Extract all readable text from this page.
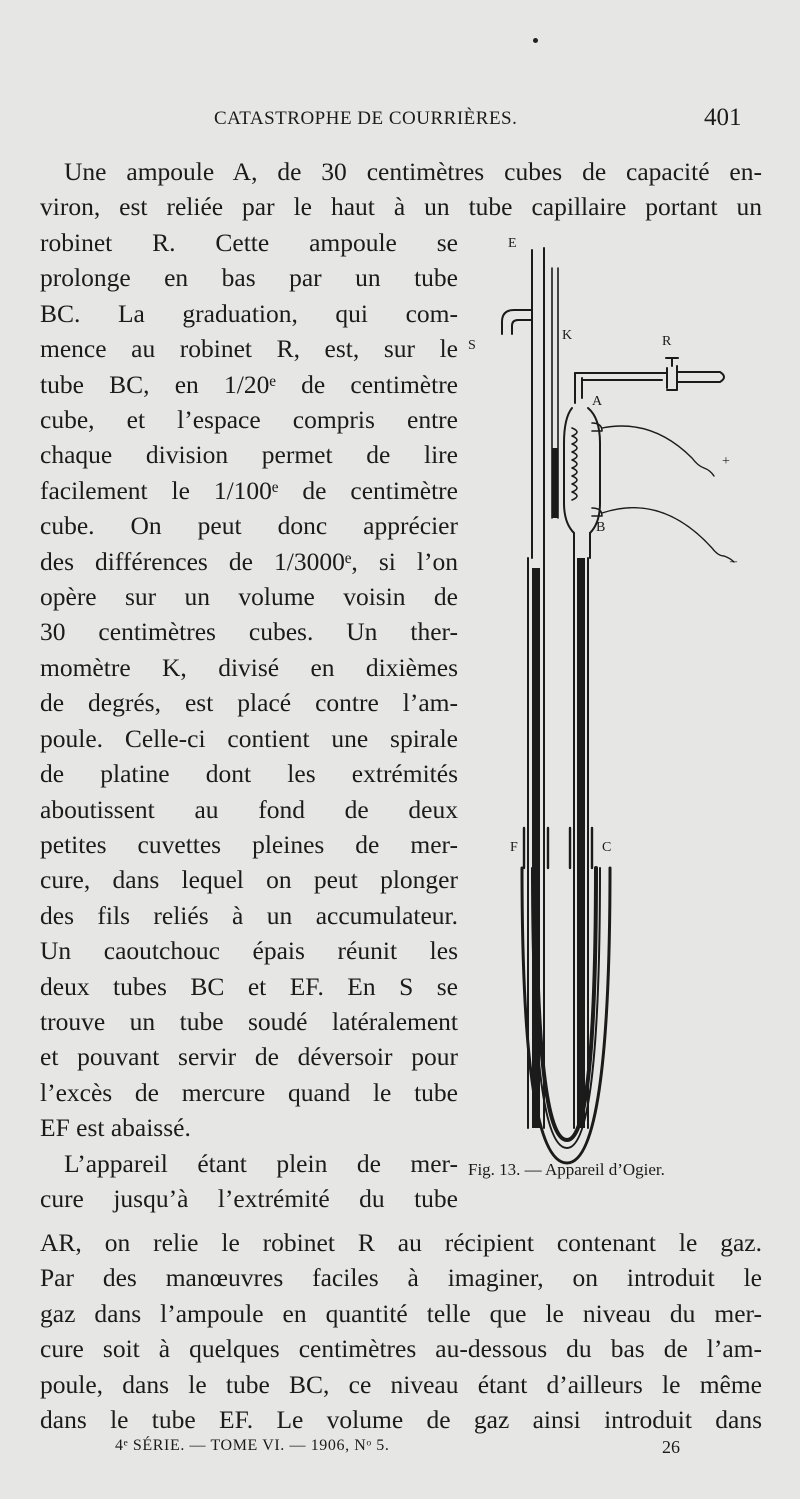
CATASTROPHE DE COURRIÈRES.	401

Une ampoule A, de 30 centimètres cubes de capacité en-
viron, est reliée par le haut à un tube capillaire portant un

robinet R. Cette ampoule se
prolonge en bas par un tube
BC. La graduation, qui com-
mence au robinet R, est, sur le
tube BC, en 1/20ᵉ de centimètre
cube, et l’espace compris entre
chaque division permet de lire
facilement le 1/100ᵉ de centimètre
cube. On peut donc apprécier
des différences de 1/3000ᵉ, si l’on
opère sur un volume voisin de
30 centimètres cubes. Un ther-
momètre K, divisé en dixièmes
de degrés, est placé contre l’am-
poule. Celle-ci contient une spirale
de platine dont les extrémités
aboutissent au fond de deux
petites cuvettes pleines de mer-
cure, dans lequel on peut plonger
des fils reliés à un accumulateur.
Un caoutchouc épais réunit les
deux tubes BC et EF. En S se
trouve un tube soudé latéralement
et pouvant servir de déversoir pour
l’excès de mercure quand le tube
EF est abaissé.
L’appareil étant plein de mer-
cure jusqu’à l’extrémité du tube

AR, on relie le robinet R au récipient contenant le gaz.
Par des manœuvres faciles à imaginer, on introduit le
gaz dans l’ampoule en quantité telle que le niveau du mer-
cure soit à quelques centimètres au-dessous du bas de l’am-
poule, dans le tube BC, ce niveau étant d’ailleurs le même
dans le tube EF. Le volume de gaz ainsi introduit dans

E
S
K	R
A
+
B
–
F	C
Fig. 13. — Appareil d’Ogier.
4ᵉ SÉRIE. — TOME VI. — 1906, Nᵒ 5.	26
